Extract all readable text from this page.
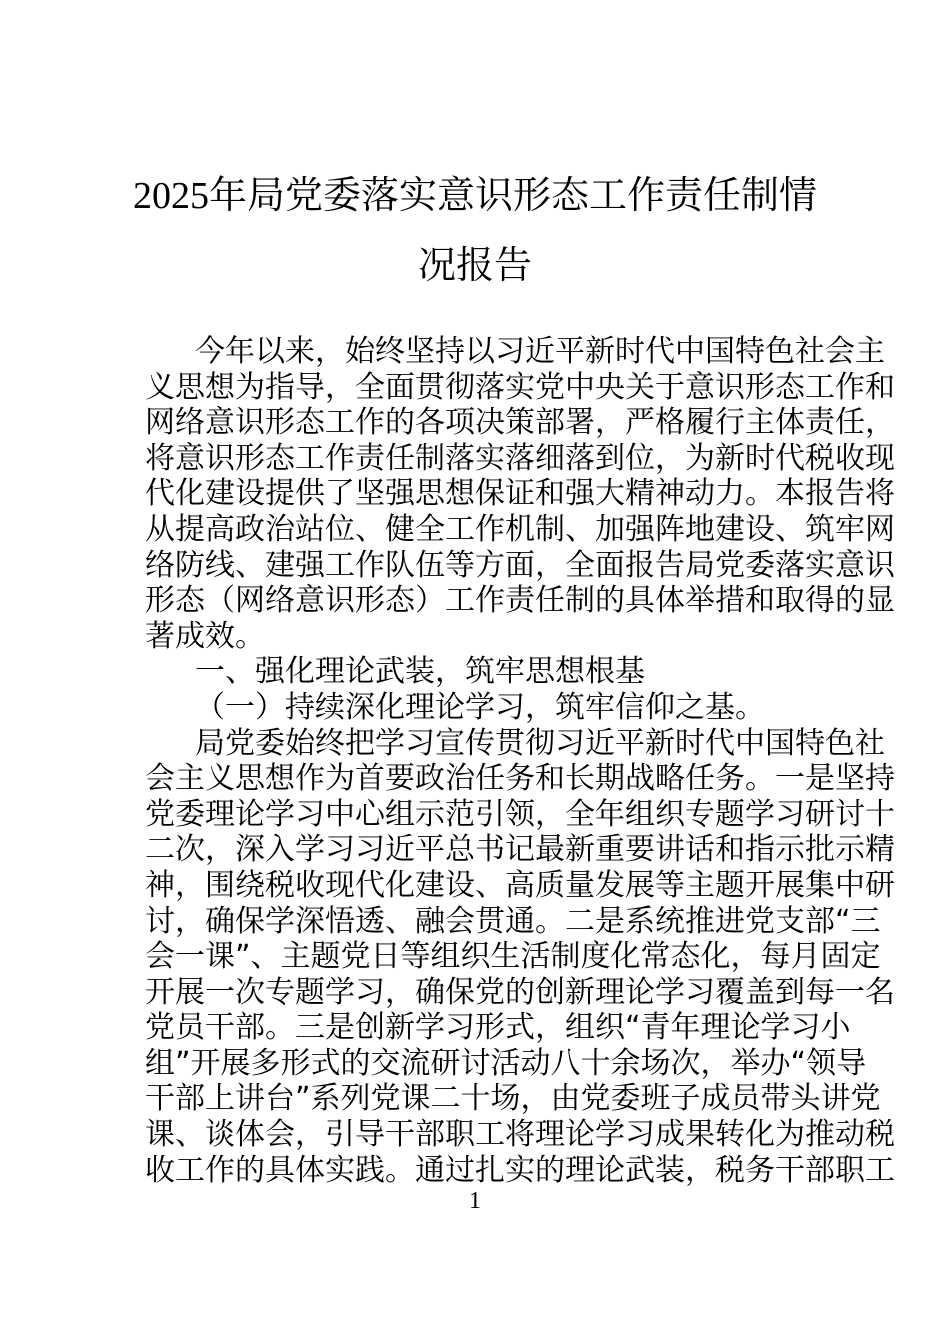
2025年局党委落实意识形态工作责任制情
况报告
今年以来，始终坚持以习近平新时代中国特色社会主
义思想为指导，全面贯彻落实党中央关于意识形态工作和
网络意识形态工作的各项决策部署，严格履行主体责任，
将意识形态工作责任制落实落细落到位，为新时代税收现
代化建设提供了坚强思想保证和强大精神动力。本报告将
从提高政治站位、健全工作机制、加强阵地建设、筑牢网
络防线、建强工作队伍等方面，全面报告局党委落实意识
形态（网络意识形态）工作责任制的具体举措和取得的显
著成效。
一、强化理论武装，筑牢思想根基
（一）持续深化理论学习，筑牢信仰之基。
局党委始终把学习宣传贯彻习近平新时代中国特色社
会主义思想作为首要政治任务和长期战略任务。一是坚持
党委理论学习中心组示范引领，全年组织专题学习研讨十
二次，深入学习习近平总书记最新重要讲话和指示批示精
神，围绕税收现代化建设、高质量发展等主题开展集中研
讨，确保学深悟透、融会贯通。二是系统推进党支部“三
会一课”、主题党日等组织生活制度化常态化，每月固定
开展一次专题学习，确保党的创新理论学习覆盖到每一名
党员干部。三是创新学习形式，组织“青年理论学习小
组”开展多形式的交流研讨活动八十余场次，举办“领导
干部上讲台”系列党课二十场，由党委班子成员带头讲党
课、谈体会，引导干部职工将理论学习成果转化为推动税
收工作的具体实践。通过扎实的理论武装，税务干部职工
1
